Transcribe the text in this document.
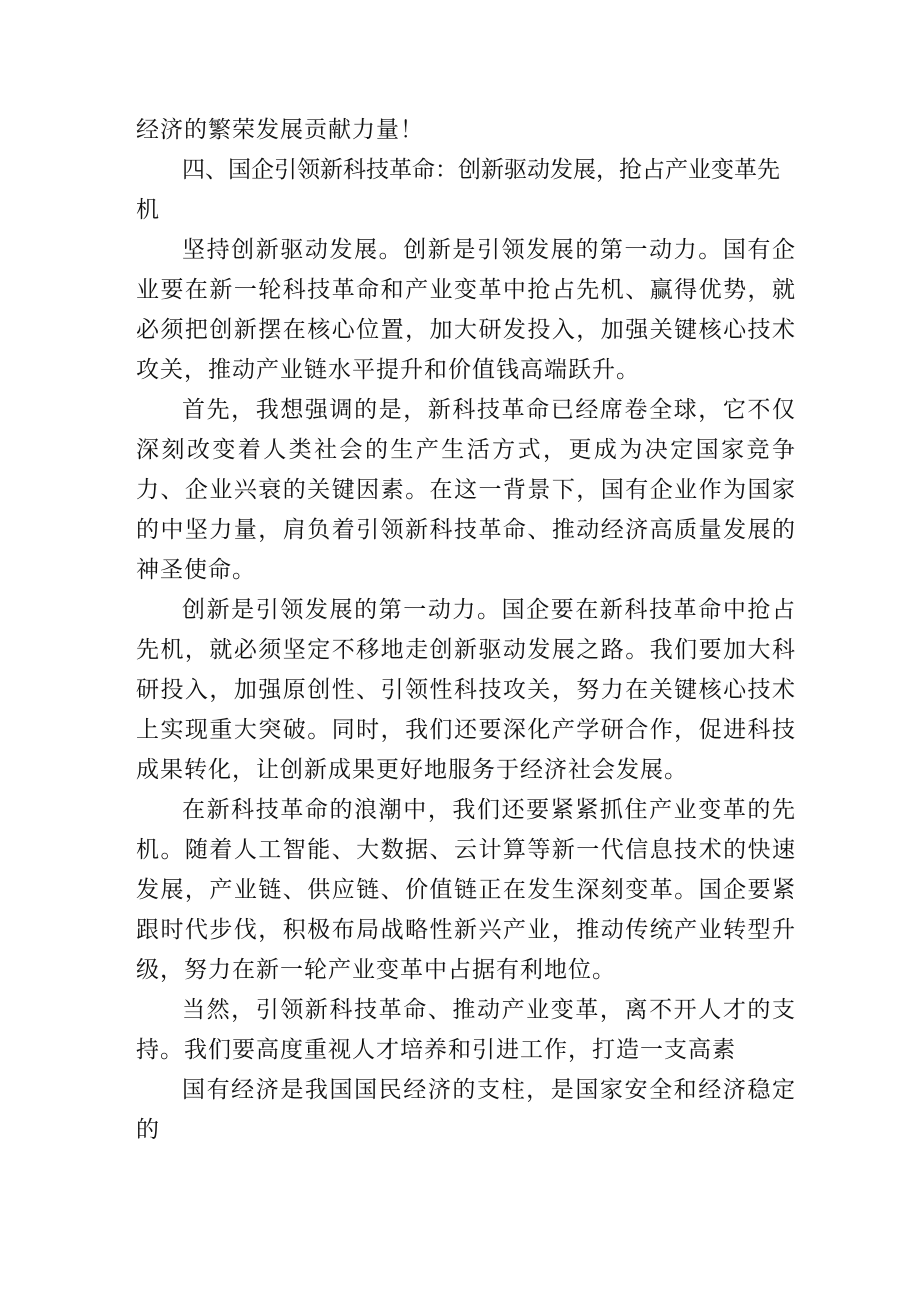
经济的繁荣发展贡献力量！

四、国企引领新科技革命：创新驱动发展，抢占产业变革先机

坚持创新驱动发展。创新是引领发展的第一动力。国有企业要在新一轮科技革命和产业变革中抢占先机、赢得优势，就必须把创新摆在核心位置，加大研发投入，加强关键核心技术攻关，推动产业链水平提升和价值钱高端跃升。

首先，我想强调的是，新科技革命已经席卷全球，它不仅深刻改变着人类社会的生产生活方式，更成为决定国家竞争力、企业兴衰的关键因素。在这一背景下，国有企业作为国家的中坚力量，肩负着引领新科技革命、推动经济高质量发展的神圣使命。

创新是引领发展的第一动力。国企要在新科技革命中抢占先机，就必须坚定不移地走创新驱动发展之路。我们要加大科研投入，加强原创性、引领性科技攻关，努力在关键核心技术上实现重大突破。同时，我们还要深化产学研合作，促进科技成果转化，让创新成果更好地服务于经济社会发展。

在新科技革命的浪潮中，我们还要紧紧抓住产业变革的先机。随着人工智能、大数据、云计算等新一代信息技术的快速发展，产业链、供应链、价值链正在发生深刻变革。国企要紧跟时代步伐，积极布局战略性新兴产业，推动传统产业转型升级，努力在新一轮产业变革中占据有利地位。

当然，引领新科技革命、推动产业变革，离不开人才的支持。我们要高度重视人才培养和引进工作，打造一支高素

国有经济是我国国民经济的支柱，是国家安全和经济稳定的
